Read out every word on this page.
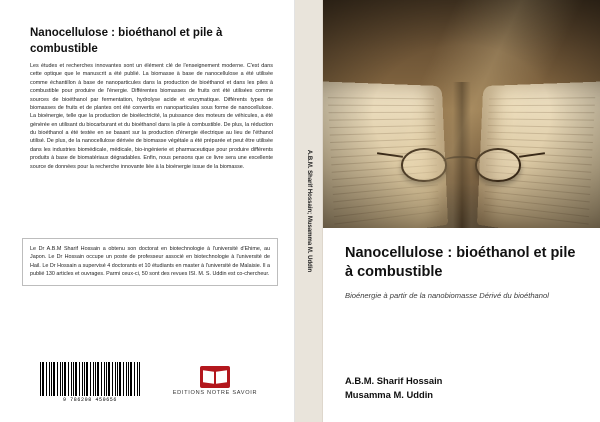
Nanocellulose : bioéthanol et pile à combustible
Les études et recherches innovantes sont un élément clé de l'enseignement moderne. C'est dans cette optique que le manuscrit a été publié. La biomasse à base de nanocellulose a été utilisée comme échantillon à base de nanoparticules dans la production de bioéthanol et dans les piles à combustible pour produire de l'énergie. Différentes biomasses de fruits ont été utilisées comme sources de bioéthanol par fermentation, hydrolyse acide et enzymatique. Différents types de biomasses de fruits et de plantes ont été convertis en nanoparticules sous forme de nanocellulose. La bioénergie, telle que la production de bioélectricité, la puissance des moteurs de véhicules, a été générée en utilisant du biocarburant et du bioéthanol dans la pile à combustible. De plus, la réduction du bioéthanol a été testée en se basant sur la production d'énergie électrique au lieu de l'éthanol utilisé. De plus, de la nanocellulose dérivée de biomasse végétale a été préparée et peut être utilisée dans les industries biomédicale, médicale, bio-ingénierie et pharmaceutique pour produire différents produits à base de biomatériaux dégradables. Enfin, nous pensons que ce livre sera une excellente source de données pour la recherche innovante liée à la bioénergie issue de la biomasse.
Le Dr A.B.M Sharif Hossain a obtenu son doctorat en biotechnologie à l'université d'Ehime, au Japon. Le Dr Hossain occupe un poste de professeur associé en biotechnologie à l'université de Hail. Le Dr Hossain a supervisé 4 doctorants et 10 étudiants en master à l'université de Malaisie. Il a publié 130 articles et ouvrages. Parmi ceux-ci, 50 sont des revues ISI. M. S. Uddin est co-chercheur.
9 786208 450656
EDITIONS NOTRE SAVOIR
A.B.M. Sharif Hossain; Musamma M. Uddin Nanocellulose : bioéthanol et pile à combustible
Bioénergie à partir de la nanobiomasse Dérivé du bioéthanol
A.B.M. Sharif Hossain
Musamma M. Uddin
